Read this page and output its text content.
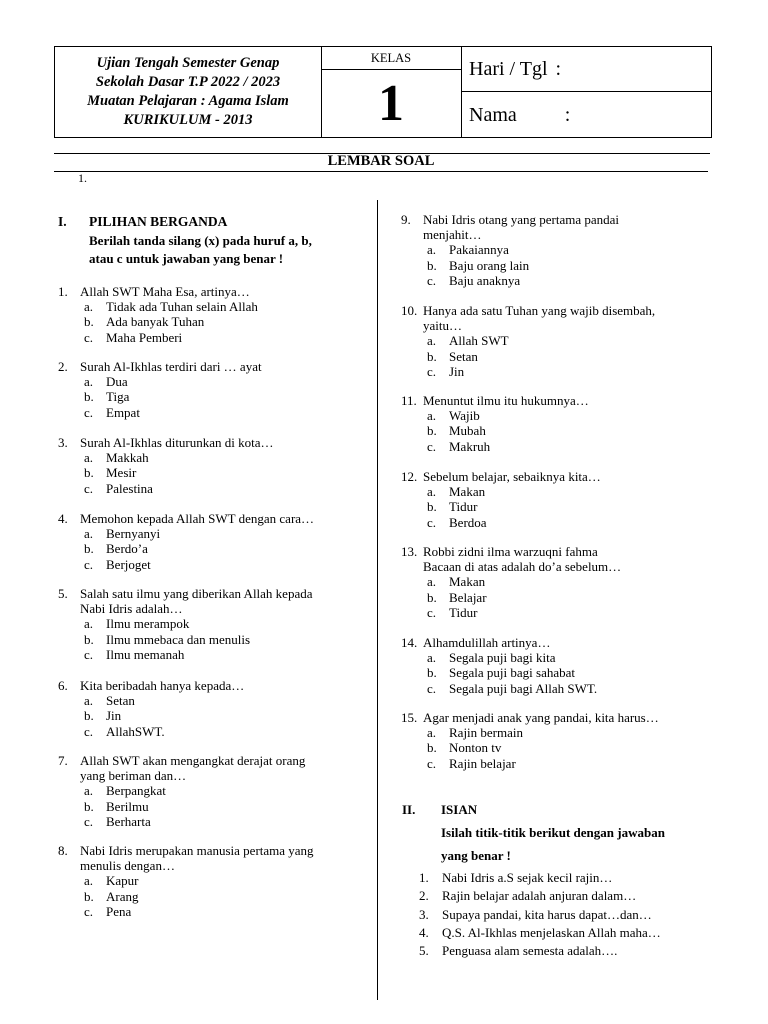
Ujian Tengah Semester Genap
Sekolah Dasar T.P 2022 / 2023
Muatan Pelajaran : Agama Islam
KURIKULUM - 2013
KELAS
1
Hari / Tgl :
Nama :
LEMBAR SOAL
1.
I. PILIHAN BERGANDA
Berilah tanda silang (x) pada huruf a, b,
atau c untuk jawaban yang benar !
1. Allah SWT Maha Esa, artinya…
a. Tidak ada Tuhan selain Allah
b. Ada banyak Tuhan
c. Maha Pemberi
2. Surah Al-Ikhlas terdiri dari … ayat
a. Dua
b. Tiga
c. Empat
3. Surah Al-Ikhlas diturunkan di kota…
a. Makkah
b. Mesir
c. Palestina
4. Memohon kepada Allah SWT dengan cara…
a. Bernyanyi
b. Berdo’a
c. Berjoget
5. Salah satu ilmu yang diberikan Allah kepada
Nabi Idris adalah…
a. Ilmu merampok
b. Ilmu mmebaca dan menulis
c. Ilmu memanah
6. Kita beribadah hanya kepada…
a. Setan
b. Jin
c. AllahSWT.
7. Allah SWT akan mengangkat derajat orang
yang beriman dan…
a. Berpangkat
b. Berilmu
c. Berharta
8. Nabi Idris merupakan manusia pertama yang
menulis dengan…
a. Kapur
b. Arang
c. Pena
9. Nabi Idris otang yang pertama pandai
menjahit…
a. Pakaiannya
b. Baju orang lain
c. Baju anaknya
10. Hanya ada satu Tuhan yang wajib disembah,
yaitu…
a. Allah SWT
b. Setan
c. Jin
11. Menuntut ilmu itu hukumnya…
a. Wajib
b. Mubah
c. Makruh
12. Sebelum belajar, sebaiknya kita…
a. Makan
b. Tidur
c. Berdoa
13. Robbi zidni ilma warzuqni fahma
Bacaan di atas adalah do’a sebelum…
a. Makan
b. Belajar
c. Tidur
14. Alhamdulillah artinya…
a. Segala puji bagi kita
b. Segala puji bagi sahabat
c. Segala puji bagi Allah SWT.
15. Agar menjadi anak yang pandai, kita harus…
a. Rajin bermain
b. Nonton tv
c. Rajin belajar
II. ISIAN
Isilah titik-titik berikut dengan jawaban
yang benar !
1. Nabi Idris a.S sejak kecil rajin…
2. Rajin belajar adalah anjuran dalam…
3. Supaya pandai, kita harus dapat…dan…
4. Q.S. Al-Ikhlas menjelaskan Allah maha…
5. Penguasa alam semesta adalah….
